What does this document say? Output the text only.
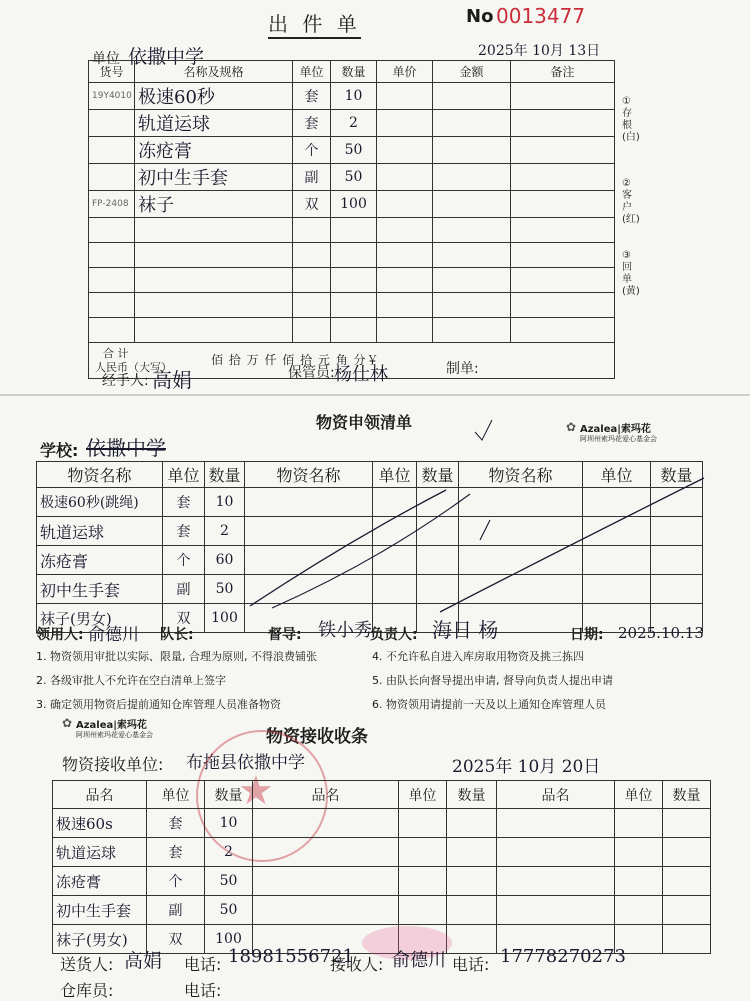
出 件 单	No 0013477
单位 依撒中学	2025年 10月 13日
货号	名称及规格	单位	数量	单价	金额	备注
19Y4010	极速60秒	套	10			
	轨道运球	套	2			
	冻疮膏	个	50			
	初中生手套	副	50			
FP-2408	袜子	双	100			

合 计
人民币（大写）
佰 拾 万 仟 佰 拾 元 角 分￥						
①存根(白)
②客户(红)
③回单(黄)
经手人: 高娟	保管员: 杨仕林	制单:
物资申领清单	✿ Azalea|索玛花
阿坝州索玛花爱心基金会
学校: 依撒中学
物资名称	单位	数量	物资名称	单位	数量	物资名称	单位	数量
极速60秒(跳绳)	套	10						
轨道运球	套	2						
冻疮膏	个	60						
初中生手套	副	50						
袜子(男女)	双	100						
领用人: 俞德川 队长:	督导: 铁小秀
负责人: 海日 杨	日期: 2025.10.13
1. 物资领用审批以实际、限量, 合理为原则, 不得浪费铺张
2. 各级审批人不允许在空白清单上签字
3. 确定领用物资后提前通知仓库管理人员准备物资
4. 不允许私自进入库房取用物资及挑三拣四
5. 由队长向督导提出申请, 督导向负责人提出申请
6. 物资领用请提前一天及以上通知仓库管理人员
✿ Azalea|索玛花
阿坝州索玛花爱心基金会	物资接收收条
物资接收单位: 布拖县依撒中学	2025年 10月 20日
★
品名	单位	数量	品名	单位	数量	品名	单位	数量
极速60s	套	10						
轨道运球	套	2						
冻疮膏	个	50						
初中生手套	副	50						
袜子(男女)	双	100						
送货人: 高娟 电话: 18981556721
接收人: 俞德川 电话: 17778270273
仓库员:	电话:
